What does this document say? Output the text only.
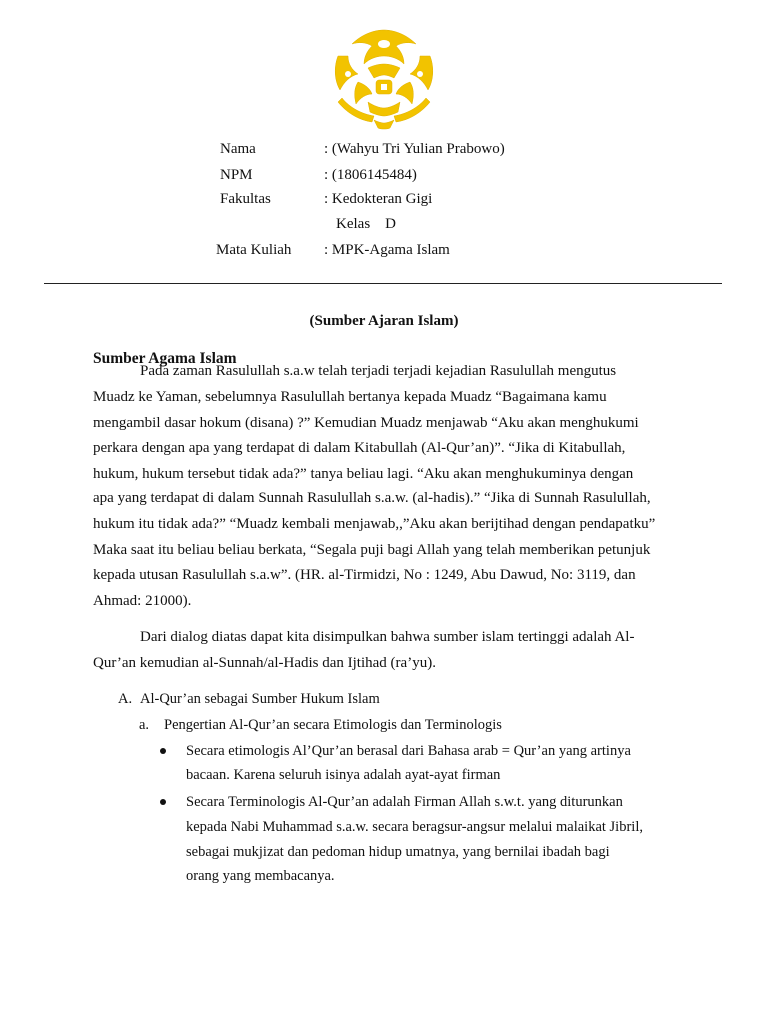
Nama	: (Wahyu Tri Yulian Prabowo)
NPM	: (1806145484)
Fakultas	: Kedokteran Gigi
Kelas    D
Mata Kuliah : MPK-Agama Islam
(Sumber Ajaran Islam)
Sumber Agama Islam
Pada zaman Rasulullah s.a.w telah terjadi terjadi kejadian Rasulullah mengutus
Muadz ke Yaman, sebelumnya Rasulullah bertanya kepada Muadz “Bagaimana kamu
mengambil dasar hokum (disana) ?” Kemudian Muadz menjawab “Aku akan menghukumi
perkara dengan apa yang terdapat di dalam Kitabullah (Al-Qur’an)”. “Jika di Kitabullah,
hukum, hukum tersebut tidak ada?” tanya beliau lagi. “Aku akan menghukuminya dengan
apa yang terdapat di dalam Sunnah Rasulullah s.a.w. (al-hadis).” “Jika di Sunnah Rasulullah,
hukum itu tidak ada?” “Muadz kembali menjawab,,”Aku akan berijtihad dengan pendapatku”
Maka saat itu beliau beliau berkata, “Segala puji bagi Allah yang telah memberikan petunjuk
kepada utusan Rasulullah s.a.w”. (HR. al-Tirmidzi, No : 1249, Abu Dawud, No: 3119, dan
Ahmad: 21000).
Dari dialog diatas dapat kita disimpulkan bahwa sumber islam tertinggi adalah Al-
Qur’an kemudian al-Sunnah/al-Hadis dan Ijtihad (ra’yu).
A. Al-Qur’an sebagai Sumber Hukum Islam
a. Pengertian Al-Qur’an secara Etimologis dan Terminologis
Secara etimologis Al’Qur’an berasal dari Bahasa arab = Qur’an yang artinya
bacaan. Karena seluruh isinya adalah ayat-ayat firman
Secara Terminologis Al-Qur’an adalah Firman Allah s.w.t. yang diturunkan
kepada Nabi Muhammad s.a.w. secara beragsur-angsur melalui malaikat Jibril,
sebagai mukjizat dan pedoman hidup umatnya, yang bernilai ibadah bagi
orang yang membacanya.
